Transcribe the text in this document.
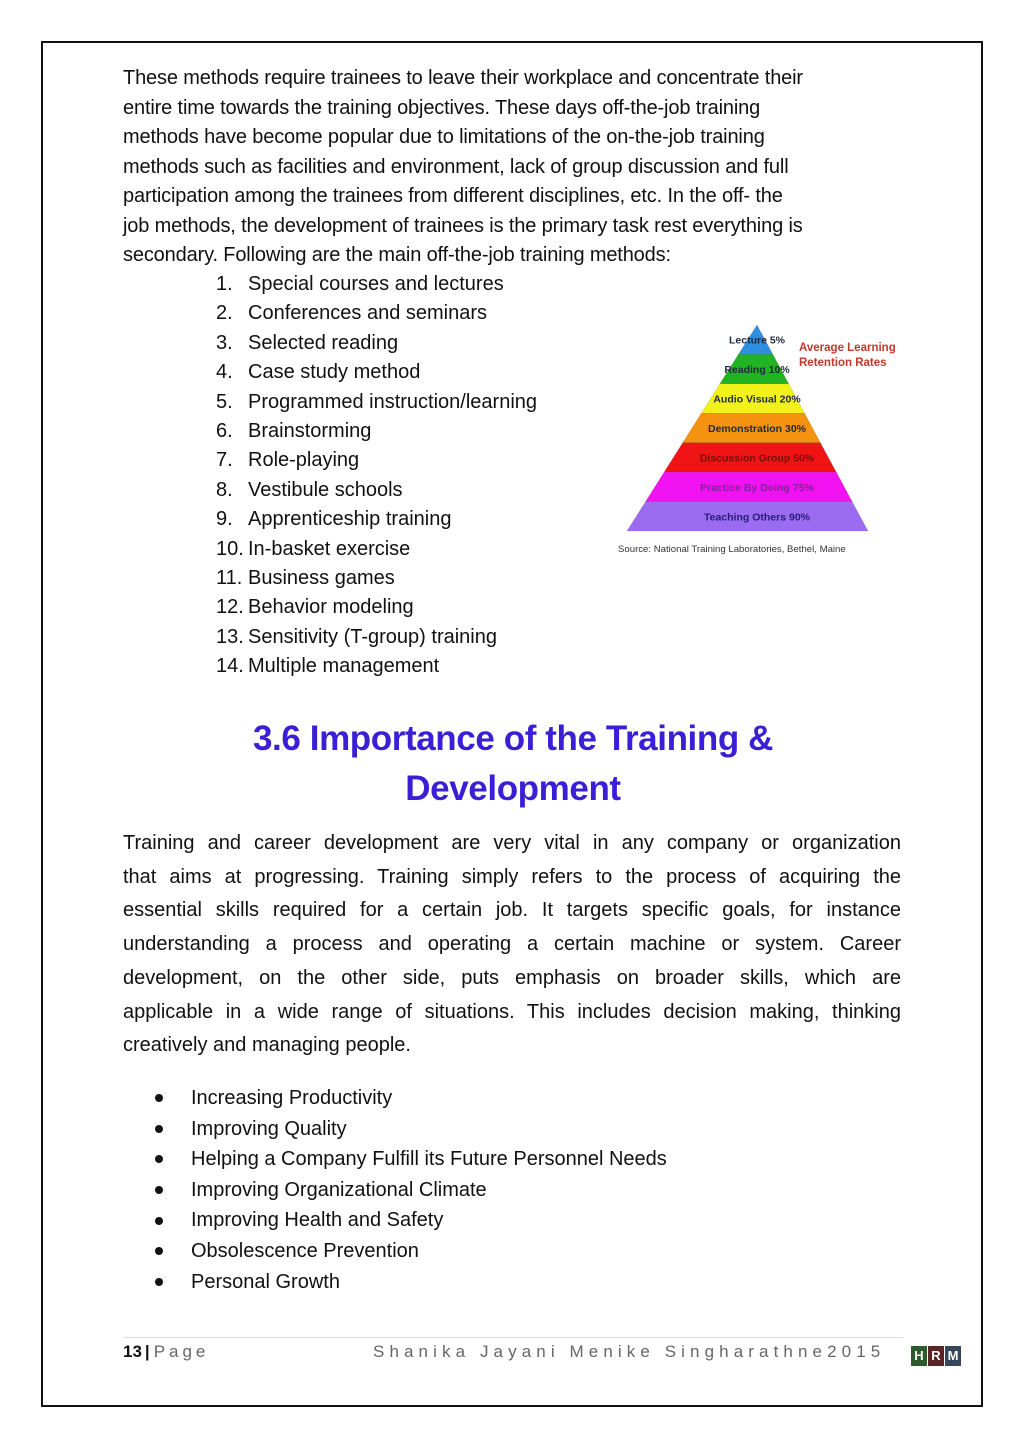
These methods require trainees to leave their workplace and concentrate their
entire time towards the training objectives. These days off-the-job training
methods have become popular due to limitations of the on-the-job training
methods such as facilities and environment, lack of group discussion and full
participation among the trainees from different disciplines, etc. In the off- the
job methods, the development of trainees is the primary task rest everything is
secondary. Following are the main off-the-job training methods:
1. Special courses and lectures
2. Conferences and seminars
3. Selected reading
4. Case study method
5. Programmed instruction/learning
6. Brainstorming
7. Role-playing
8. Vestibule schools
9. Apprenticeship training
10. In-basket exercise
11. Business games
12. Behavior modeling
13. Sensitivity (T-group) training
14. Multiple management
Lecture 5%
Reading 10%
Audio Visual 20%
Demonstration 30%
Discussion Group 50%
Practice By Doing 75%
Teaching Others 90%
Average Learning
Retention Rates
Source: National Training Laboratories, Bethel, Maine
3.6 Importance of the Training &
Development
Training and career development are very vital in any company or organization
that aims at progressing. Training simply refers to the process of acquiring the
essential skills required for a certain job. It targets specific goals, for instance
understanding a process and operating a certain machine or system. Career
development, on the other side, puts emphasis on broader skills, which are
applicable in a wide range of situations. This includes decision making, thinking
creatively and managing people.
Increasing Productivity
Improving Quality
Helping a Company Fulfill its Future Personnel Needs
Improving Organizational Climate
Improving Health and Safety
Obsolescence Prevention
Personal Growth
13 | Page	Shanika Jayani Menike Singharathne2015 H R M
